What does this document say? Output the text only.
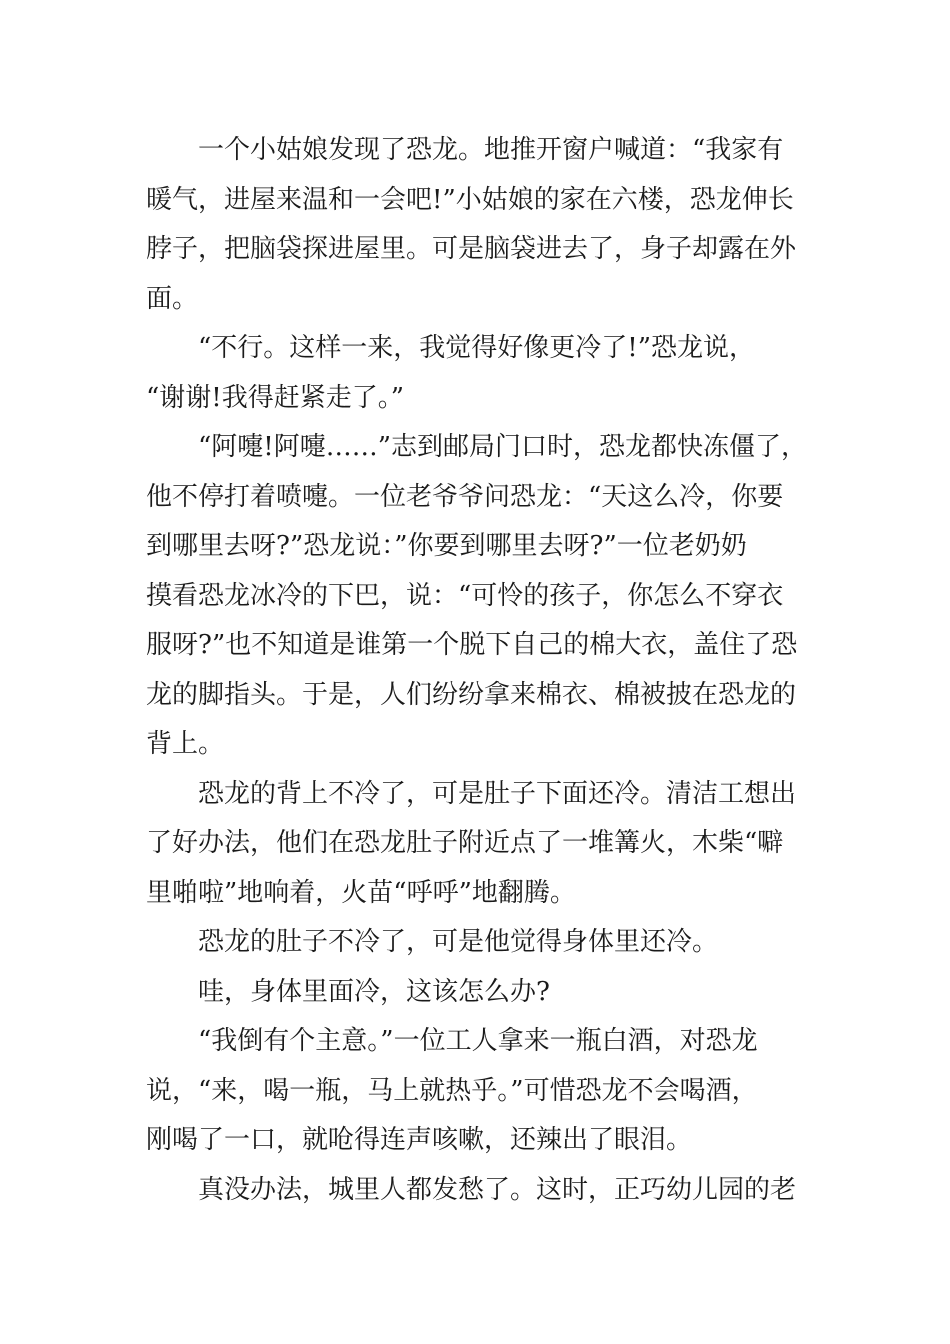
一个小姑娘发现了恐龙。地推开窗户喊道：“我家有
暖气，进屋来温和一会吧!”小姑娘的家在六楼，恐龙伸长
脖子，把脑袋探进屋里。可是脑袋进去了，身子却露在外
面。
“不行。这样一来，我觉得好像更冷了!”恐龙说，
“谢谢!我得赶紧走了。”
“阿嚏!阿嚏……”志到邮局门口时，恐龙都快冻僵了，
他不停打着喷嚏。一位老爷爷问恐龙：“天这么冷，你要
到哪里去呀?”恐龙说：”你要到哪里去呀?”一位老奶奶
摸看恐龙冰冷的下巴，说：“可怜的孩子，你怎么不穿衣
服呀?”也不知道是谁第一个脱下自己的棉大衣，盖住了恐
龙的脚指头。于是，人们纷纷拿来棉衣、棉被披在恐龙的
背上。
恐龙的背上不冷了，可是肚子下面还冷。清洁工想出
了好办法，他们在恐龙肚子附近点了一堆篝火，木柴“噼
里啪啦”地响着，火苗“呼呼”地翻腾。
恐龙的肚子不冷了，可是他觉得身体里还冷。
哇，身体里面冷，这该怎么办?
“我倒有个主意。”一位工人拿来一瓶白酒，对恐龙
说，“来，喝一瓶，马上就热乎。”可惜恐龙不会喝酒，
刚喝了一口，就呛得连声咳嗽，还辣出了眼泪。
真没办法，城里人都发愁了。这时，正巧幼儿园的老
